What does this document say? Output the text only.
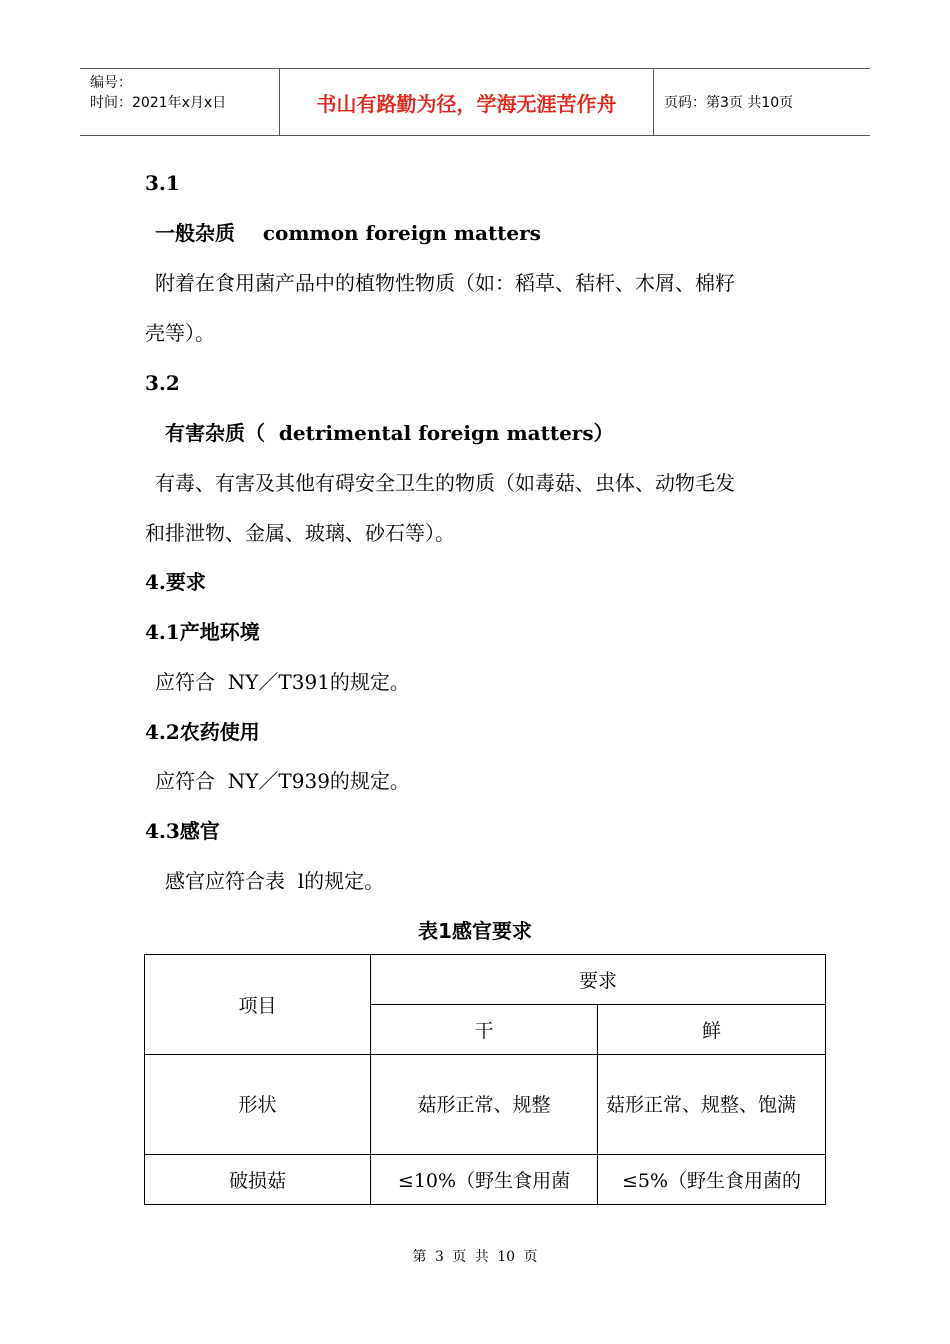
编号：
时间：2021年x月x日	书山有路勤为径，学海无涯苦作舟	页码：第3页 共10页
3.1
一般杂质    common foreign matters
附着在食用菌产品中的植物性物质（如：稻草、秸杆、木屑、棉籽
壳等）。
3.2
有害杂质（  detrimental foreign matters）
有毒、有害及其他有碍安全卫生的物质（如毒菇、虫体、动物毛发
和排泄物、金属、玻璃、砂石等）。
4.要求
4.1产地环境
应符合  NY／T391的规定。
4.2农药使用
应符合  NY／T939的规定。
4.3感官
感官应符合表  l的规定。
表1感官要求
项目	要求	
	干	鲜
形状	菇形正常、规整	菇形正常、规整、饱满
破损菇	≤10%（野生食用菌	≤5%（野生食用菌的
第 3 页 共 10 页
